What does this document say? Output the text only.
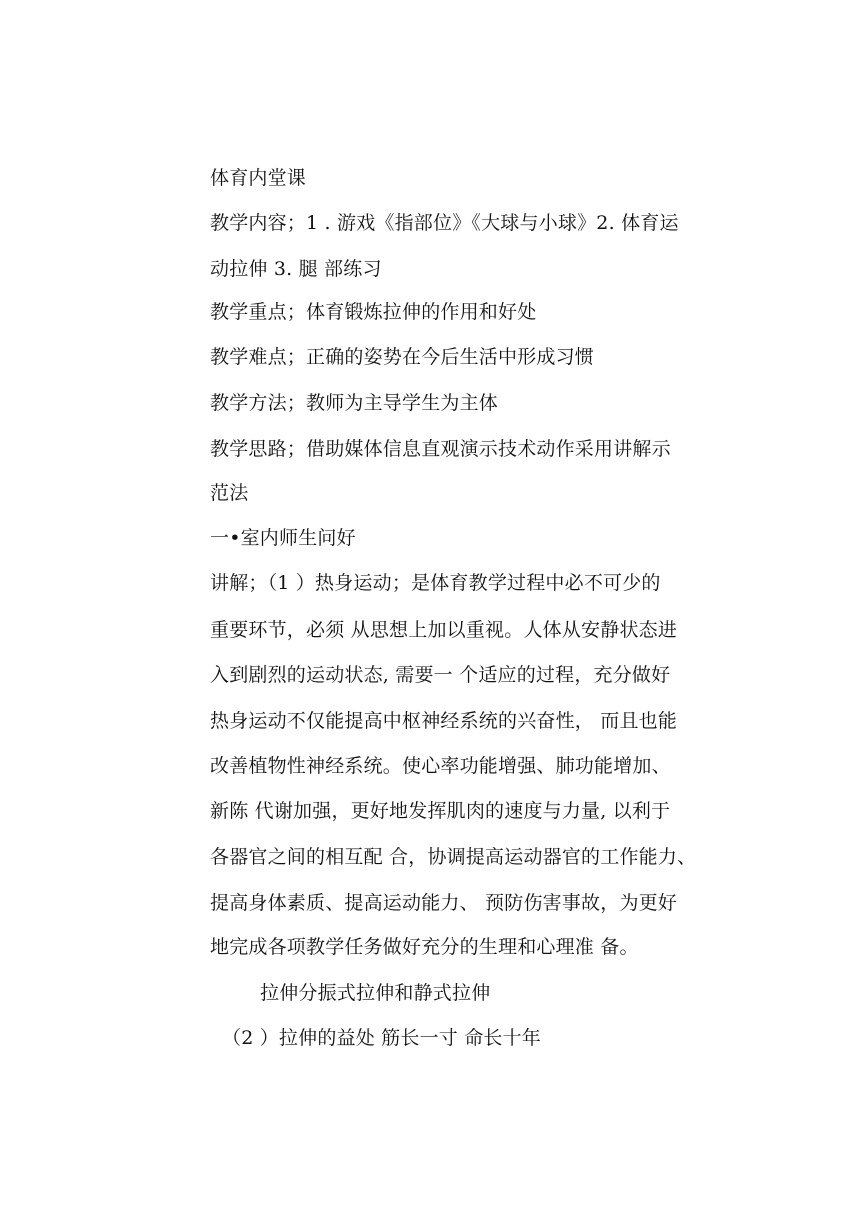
体育内堂课
教学内容；1 . 游戏《指部位》《大球与小球》2. 体育运
动拉伸 3. 腿 部练习
教学重点；体育锻炼拉伸的作用和好处
教学难点；正确的姿势在今后生活中形成习惯
教学方法；教师为主导学生为主体
教学思路；借助媒体信息直观演示技术动作采用讲解示
范法
一•室内师生问好
讲解；（1 ）热身运动；是体育教学过程中必不可少的
重要环节，必须 从思想上加以重视。人体从安静状态进
入到剧烈的运动状态, 需要一 个适应的过程，充分做好
热身运动不仅能提高中枢神经系统的兴奋性， 而且也能
改善植物性神经系统。使心率功能增强、肺功能增加、
新陈 代谢加强，更好地发挥肌肉的速度与力量, 以利于
各器官之间的相互配 合，协调提高运动器官的工作能力、
提高身体素质、提高运动能力、 预防伤害事故，为更好
地完成各项教学任务做好充分的生理和心理准 备。
拉伸分振式拉伸和静式拉伸
（2 ）拉伸的益处 筋长一寸 命长十年
